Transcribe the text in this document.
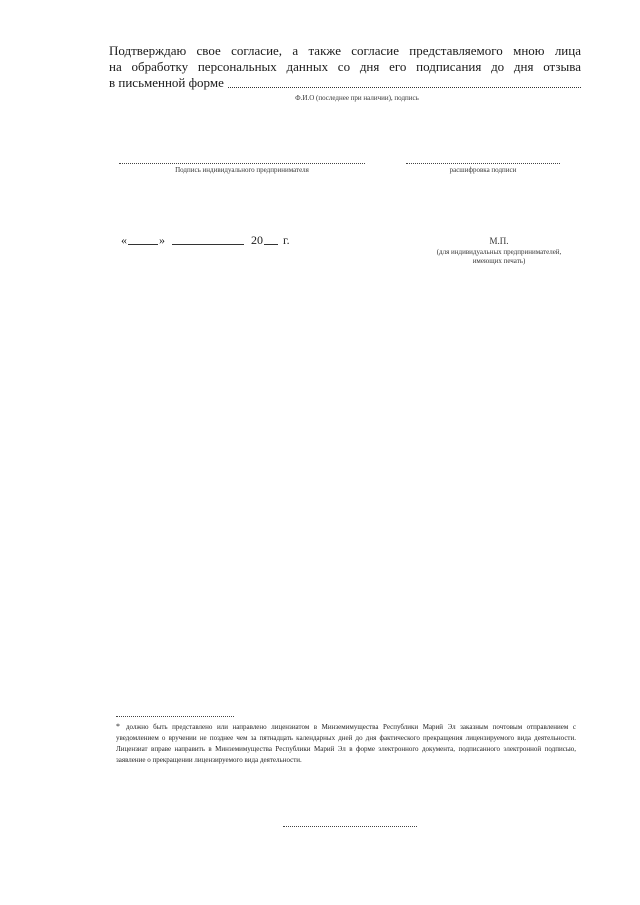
Подтверждаю свое согласие, а также согласие представляемого мною лица
на обработку персональных данных со дня его подписания до дня отзыва
в письменной форме
Ф.И.О (последнее при наличии), подпись
Подпись индивидуального предпринимателя	расшифровка подписи
«	»	20 г.	М.П.
(для индивидуальных предпринимателей, имеющих печать)
* должно быть представлено или направлено лицензиатом в Минземимущества Республики Марий Эл заказным почтовым отправлением с уведомлением о вручении не позднее чем за пятнадцать календарных дней до дня фактического прекращения лицензируемого вида деятельности. Лицензиат вправе направить в Минземимущества Республики Марий Эл в форме электронного документа, подписанного электронной подписью, заявление о прекращении лицензируемого вида деятельности.
